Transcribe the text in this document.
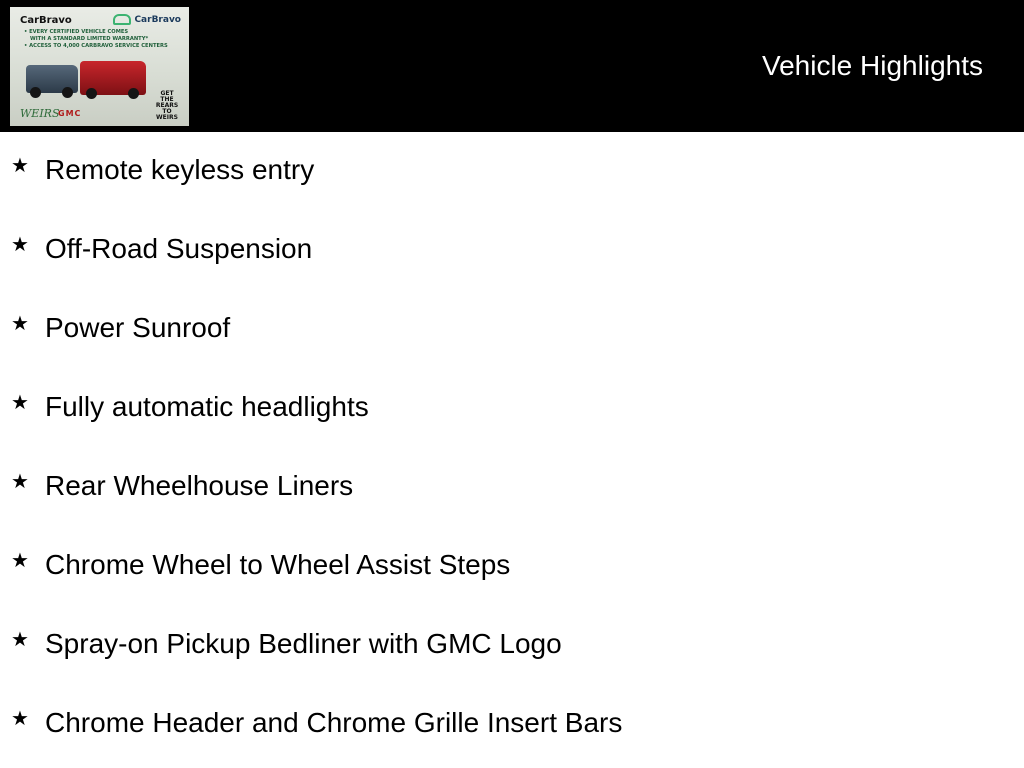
CarBravo	CarBravo
• EVERY CERTIFIED VEHICLE COMES
WITH A STANDARD LIMITED WARRANTY*
• ACCESS TO 4,000 CARBRAVO SERVICE CENTERS
WEIRS
GMC
GET THE
REARS
TO
WEIRS
Vehicle Highlights
★ Remote keyless entry
★ Off-Road Suspension
★ Power Sunroof
★ Fully automatic headlights
★ Rear Wheelhouse Liners
★ Chrome Wheel to Wheel Assist Steps
★ Spray-on Pickup Bedliner with GMC Logo
★ Chrome Header and Chrome Grille Insert Bars
